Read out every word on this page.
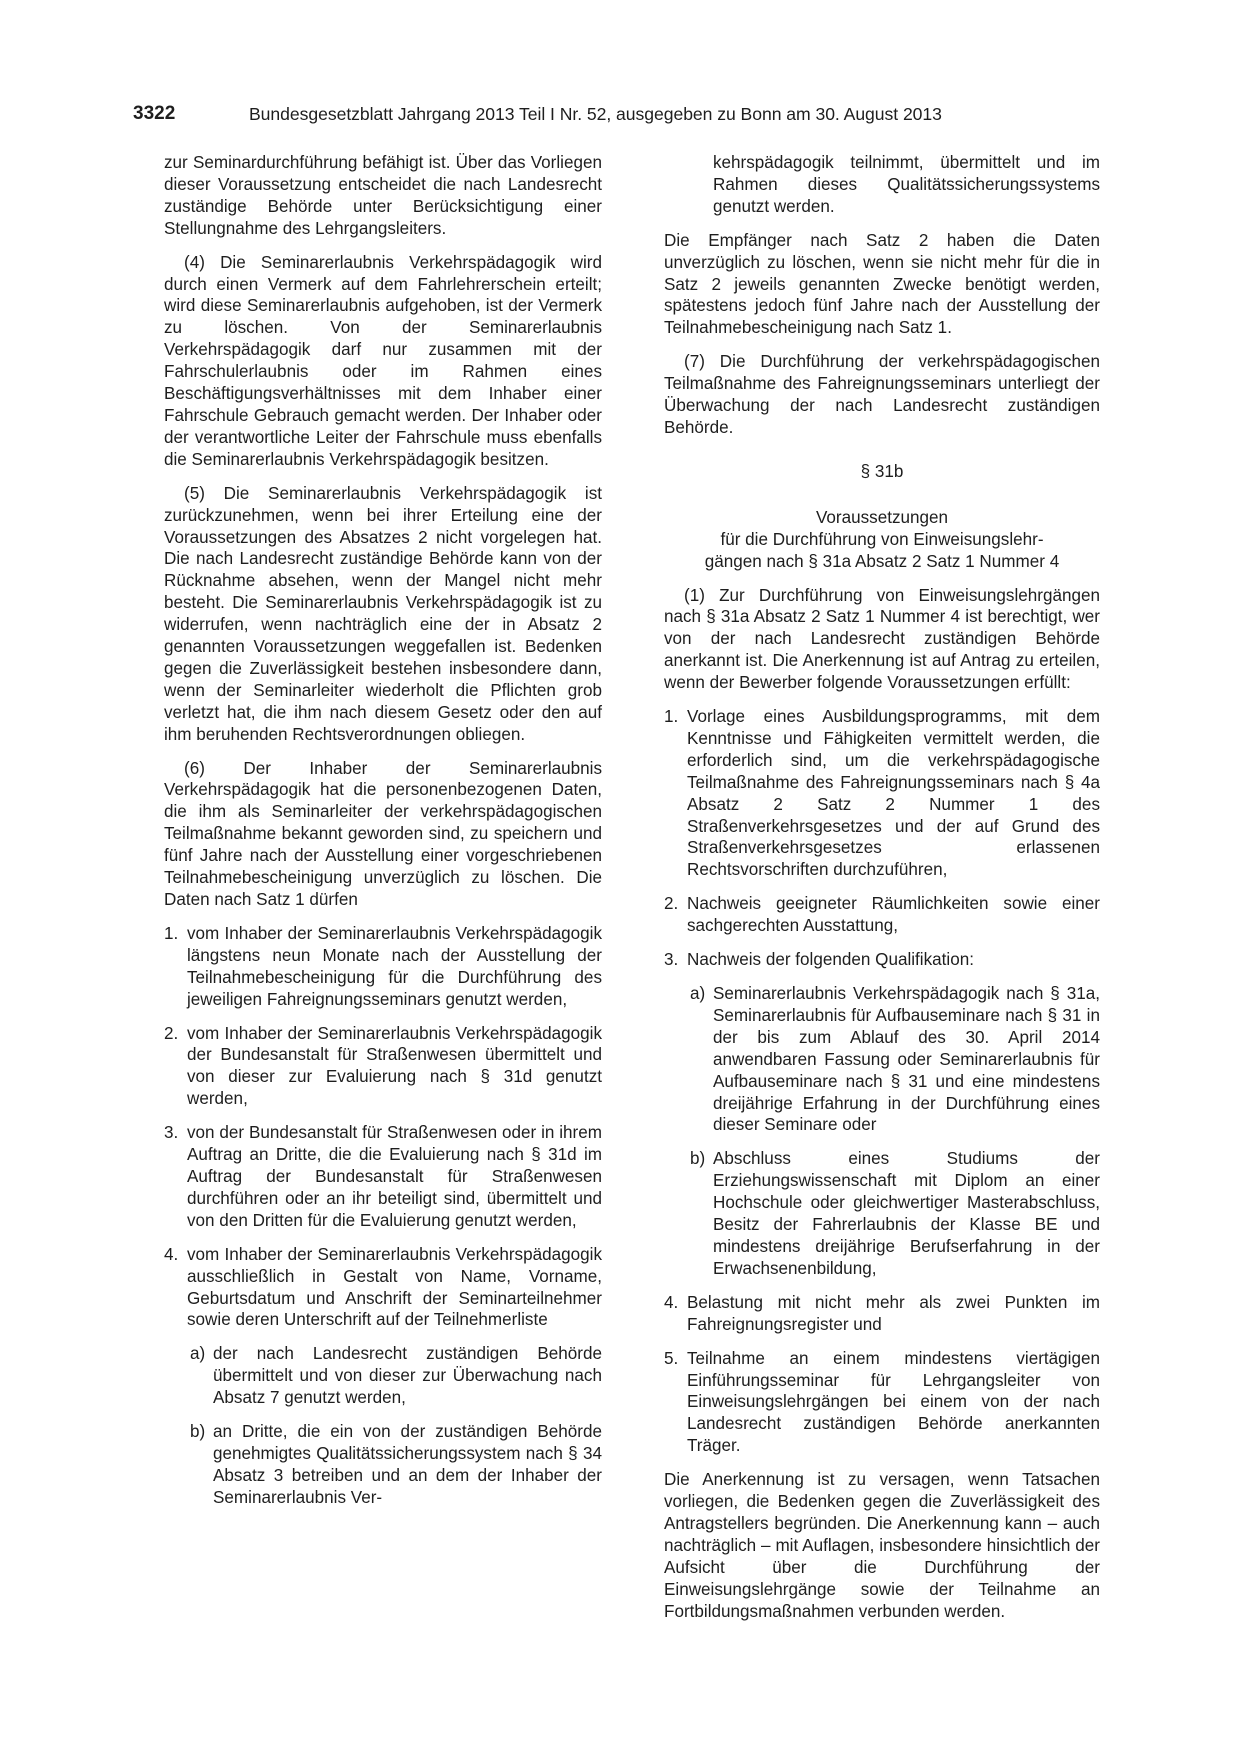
3322	Bundesgesetzblatt Jahrgang 2013 Teil I Nr. 52, ausgegeben zu Bonn am 30. August 2013

zur Seminardurchführung befähigt ist. Über das Vorliegen dieser Voraussetzung entscheidet die nach Landesrecht zuständige Behörde unter Berücksichtigung einer Stellungnahme des Lehrgangsleiters.

(4) Die Seminarerlaubnis Verkehrspädagogik wird durch einen Vermerk auf dem Fahrlehrerschein erteilt; wird diese Seminarerlaubnis aufgehoben, ist der Vermerk zu löschen. Von der Seminarerlaubnis Verkehrspädagogik darf nur zusammen mit der Fahrschulerlaubnis oder im Rahmen eines Beschäftigungsverhältnisses mit dem Inhaber einer Fahrschule Gebrauch gemacht werden. Der Inhaber oder der verantwortliche Leiter der Fahrschule muss ebenfalls die Seminarerlaubnis Verkehrspädagogik besitzen.

(5) Die Seminarerlaubnis Verkehrspädagogik ist zurückzunehmen, wenn bei ihrer Erteilung eine der Voraussetzungen des Absatzes 2 nicht vorgelegen hat. Die nach Landesrecht zuständige Behörde kann von der Rücknahme absehen, wenn der Mangel nicht mehr besteht. Die Seminarerlaubnis Verkehrspädagogik ist zu widerrufen, wenn nachträglich eine der in Absatz 2 genannten Voraussetzungen weggefallen ist. Bedenken gegen die Zuverlässigkeit bestehen insbesondere dann, wenn der Seminarleiter wiederholt die Pflichten grob verletzt hat, die ihm nach diesem Gesetz oder den auf ihm beruhenden Rechtsverordnungen obliegen.

(6) Der Inhaber der Seminarerlaubnis Verkehrspädagogik hat die personenbezogenen Daten, die ihm als Seminarleiter der verkehrspädagogischen Teilmaßnahme bekannt geworden sind, zu speichern und fünf Jahre nach der Ausstellung einer vorgeschriebenen Teilnahmebescheinigung unverzüglich zu löschen. Die Daten nach Satz 1 dürfen

1. vom Inhaber der Seminarerlaubnis Verkehrspädagogik längstens neun Monate nach der Ausstellung der Teilnahmebescheinigung für die Durchführung des jeweiligen Fahreignungsseminars genutzt werden,
2. vom Inhaber der Seminarerlaubnis Verkehrspädagogik der Bundesanstalt für Straßenwesen übermittelt und von dieser zur Evaluierung nach § 31d genutzt werden,
3. von der Bundesanstalt für Straßenwesen oder in ihrem Auftrag an Dritte, die die Evaluierung nach § 31d im Auftrag der Bundesanstalt für Straßenwesen durchführen oder an ihr beteiligt sind, übermittelt und von den Dritten für die Evaluierung genutzt werden,
4. vom Inhaber der Seminarerlaubnis Verkehrspädagogik ausschließlich in Gestalt von Name, Vorname, Geburtsdatum und Anschrift der Seminarteilnehmer sowie deren Unterschrift auf der Teilnehmerliste
a) der nach Landesrecht zuständigen Behörde übermittelt und von dieser zur Überwachung nach Absatz 7 genutzt werden,
b) an Dritte, die ein von der zuständigen Behörde genehmigtes Qualitätssicherungssystem nach § 34 Absatz 3 betreiben und an dem der Inhaber der Seminarerlaubnis Ver-
kehrspädagogik teilnimmt, übermittelt und im Rahmen dieses Qualitätssicherungssystems genutzt werden.

Die Empfänger nach Satz 2 haben die Daten unverzüglich zu löschen, wenn sie nicht mehr für die in Satz 2 jeweils genannten Zwecke benötigt werden, spätestens jedoch fünf Jahre nach der Ausstellung der Teilnahmebescheinigung nach Satz 1.

(7) Die Durchführung der verkehrspädagogischen Teilmaßnahme des Fahreignungsseminars unterliegt der Überwachung der nach Landesrecht zuständigen Behörde.

§ 31b
Voraussetzungen
für die Durchführung von Einweisungslehr-
gängen nach § 31a Absatz 2 Satz 1 Nummer 4

(1) Zur Durchführung von Einweisungslehrgängen nach § 31a Absatz 2 Satz 1 Nummer 4 ist berechtigt, wer von der nach Landesrecht zuständigen Behörde anerkannt ist. Die Anerkennung ist auf Antrag zu erteilen, wenn der Bewerber folgende Voraussetzungen erfüllt:

1. Vorlage eines Ausbildungsprogramms, mit dem Kenntnisse und Fähigkeiten vermittelt werden, die erforderlich sind, um die verkehrspädagogische Teilmaßnahme des Fahreignungsseminars nach § 4a Absatz 2 Satz 2 Nummer 1 des Straßenverkehrsgesetzes und der auf Grund des Straßenverkehrsgesetzes erlassenen Rechtsvorschriften durchzuführen,
2. Nachweis geeigneter Räumlichkeiten sowie einer sachgerechten Ausstattung,
3. Nachweis der folgenden Qualifikation:
a) Seminarerlaubnis Verkehrspädagogik nach § 31a, Seminarerlaubnis für Aufbauseminare nach § 31 in der bis zum Ablauf des 30. April 2014 anwendbaren Fassung oder Seminarerlaubnis für Aufbauseminare nach § 31 und eine mindestens dreijährige Erfahrung in der Durchführung eines dieser Seminare oder
b) Abschluss eines Studiums der Erziehungswissenschaft mit Diplom an einer Hochschule oder gleichwertiger Masterabschluss, Besitz der Fahrerlaubnis der Klasse BE und mindestens dreijährige Berufserfahrung in der Erwachsenenbildung,
4. Belastung mit nicht mehr als zwei Punkten im Fahreignungsregister und
5. Teilnahme an einem mindestens viertägigen Einführungsseminar für Lehrgangsleiter von Einweisungslehrgängen bei einem von der nach Landesrecht zuständigen Behörde anerkannten Träger.

Die Anerkennung ist zu versagen, wenn Tatsachen vorliegen, die Bedenken gegen die Zuverlässigkeit des Antragstellers begründen. Die Anerkennung kann – auch nachträglich – mit Auflagen, insbesondere hinsichtlich der Aufsicht über die Durchführung der Einweisungslehrgänge sowie der Teilnahme an Fortbildungsmaßnahmen verbunden werden.
